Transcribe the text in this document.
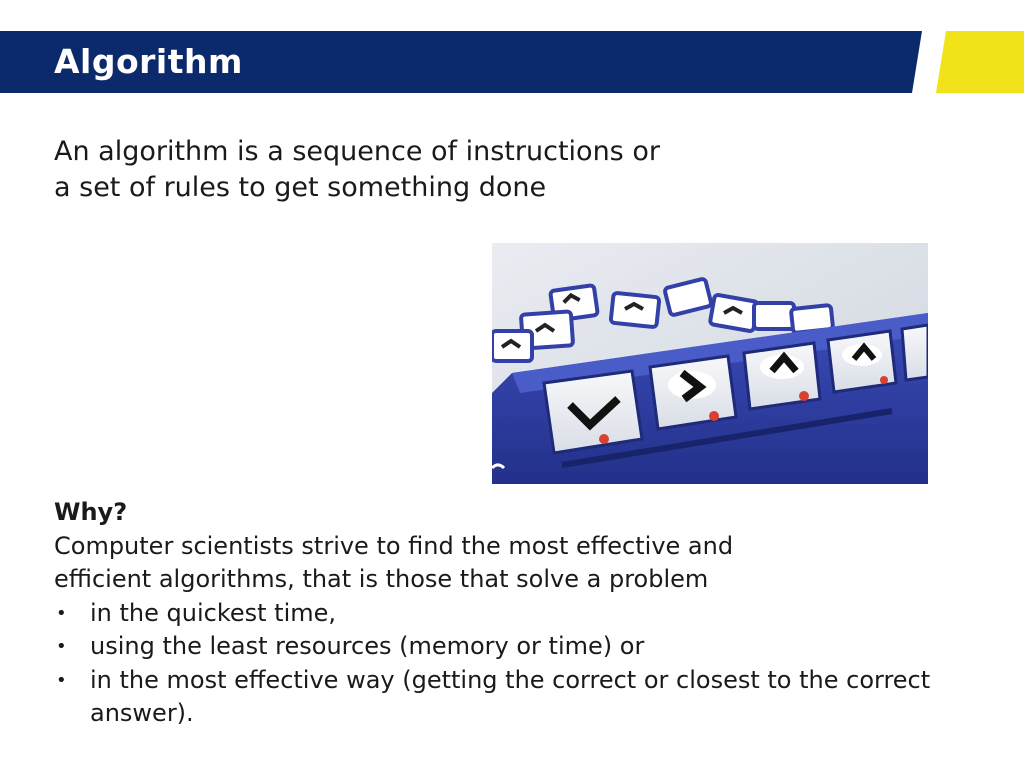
Algorithm
An algorithm is a sequence of instructions or
a set of rules to get something done
Why?
Computer scientists strive to find the most effective and
efficient algorithms, that is those that solve a problem
• in the quickest time,
• using the least resources (memory or time) or
• in the most effective way (getting the correct or closest to the correct answer).
